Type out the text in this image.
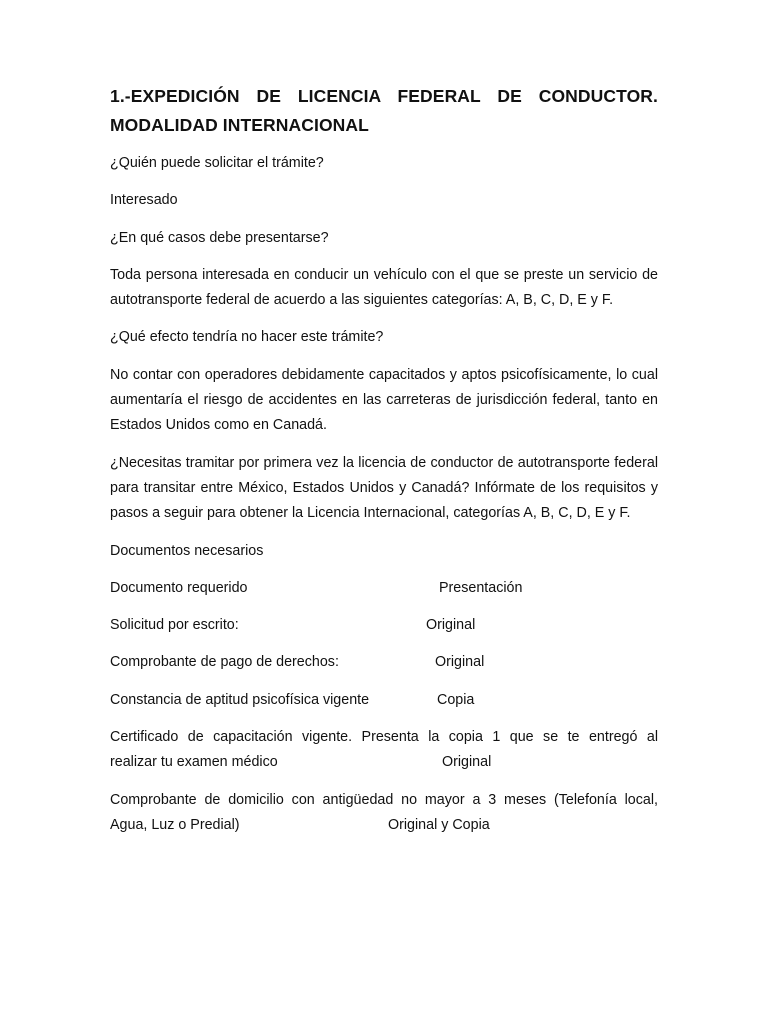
1.-EXPEDICIÓN DE LICENCIA FEDERAL DE CONDUCTOR.
MODALIDAD INTERNACIONAL

¿Quién puede solicitar el trámite?

Interesado

¿En qué casos debe presentarse?

Toda persona interesada en conducir un vehículo con el que se preste un servicio de autotransporte federal de acuerdo a las siguientes categorías: A, B, C, D, E y F.

¿Qué efecto tendría no hacer este trámite?

No contar con operadores debidamente capacitados y aptos psicofísicamente, lo cual aumentaría el riesgo de accidentes en las carreteras de jurisdicción federal, tanto en Estados Unidos como en Canadá.

¿Necesitas tramitar por primera vez la licencia de conductor de autotransporte federal para transitar entre México, Estados Unidos y Canadá? Infórmate de los requisitos y pasos a seguir para obtener la Licencia Internacional, categorías A, B, C, D, E y F.

Documentos necesarios

Documento requerido	Presentación
Solicitud por escrito:	Original
Comprobante de pago de derechos:	Original
Constancia de aptitud psicofísica vigente	Copia
Certificado de capacitación vigente. Presenta la copia 1 que se te entregó al
realizar tu examen médico	Original
Comprobante de domicilio con antigüedad no mayor a 3 meses (Telefonía local,
Agua, Luz o Predial)	Original y Copia
